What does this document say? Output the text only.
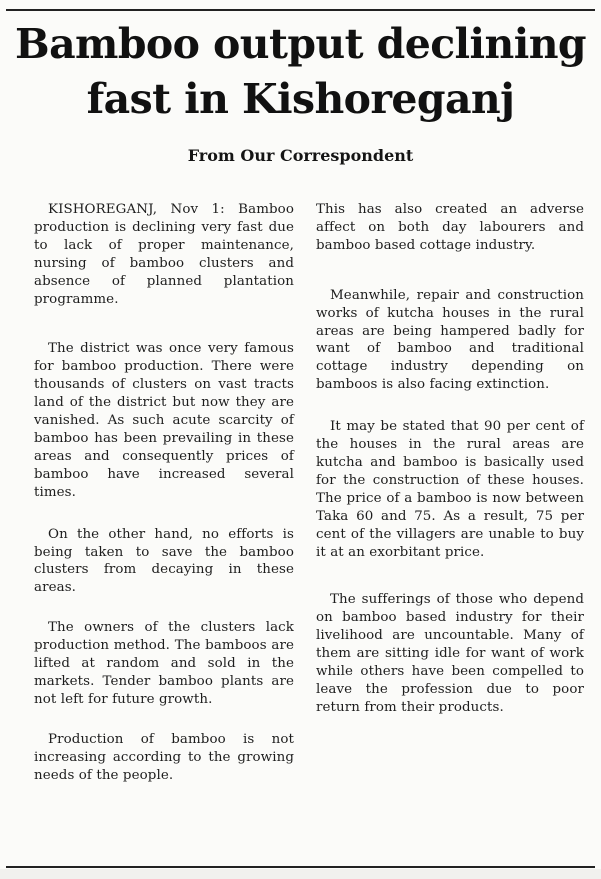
Bamboo output declining
fast in Kishoreganj
From Our Correspondent

KISHOREGANJ, Nov 1: Bamboo production is declining very fast due to lack of proper maintenance, nursing of bamboo clusters and absence of planned plantation programme.

The district was once very famous for bamboo production. There were thousands of clusters on vast tracts land of the district but now they are vanished. As such acute scarcity of bamboo has been prevailing in these areas and consequently prices of bamboo have increased several times.

On the other hand, no efforts is being taken to save the bamboo clusters from decaying in these areas.

The owners of the clusters lack production method. The bamboos are lifted at random and sold in the markets. Tender bamboo plants are not left for future growth.

Production of bamboo is not increasing according to the growing needs of the people.

This has also created an adverse affect on both day labourers and bamboo based cottage industry.

Meanwhile, repair and construction works of kutcha houses in the rural areas are being hampered badly for want of bamboo and traditional cottage industry depending on bamboos is also facing extinction.

It may be stated that 90 per cent of the houses in the rural areas are kutcha and bamboo is basically used for the construction of these houses. The price of a bamboo is now between Taka 60 and 75. As a result, 75 per cent of the villagers are unable to buy it at an exorbitant price.

The sufferings of those who depend on bamboo based industry for their livelihood are uncountable. Many of them are sitting idle for want of work while others have been compelled to leave the profession due to poor return from their products.
